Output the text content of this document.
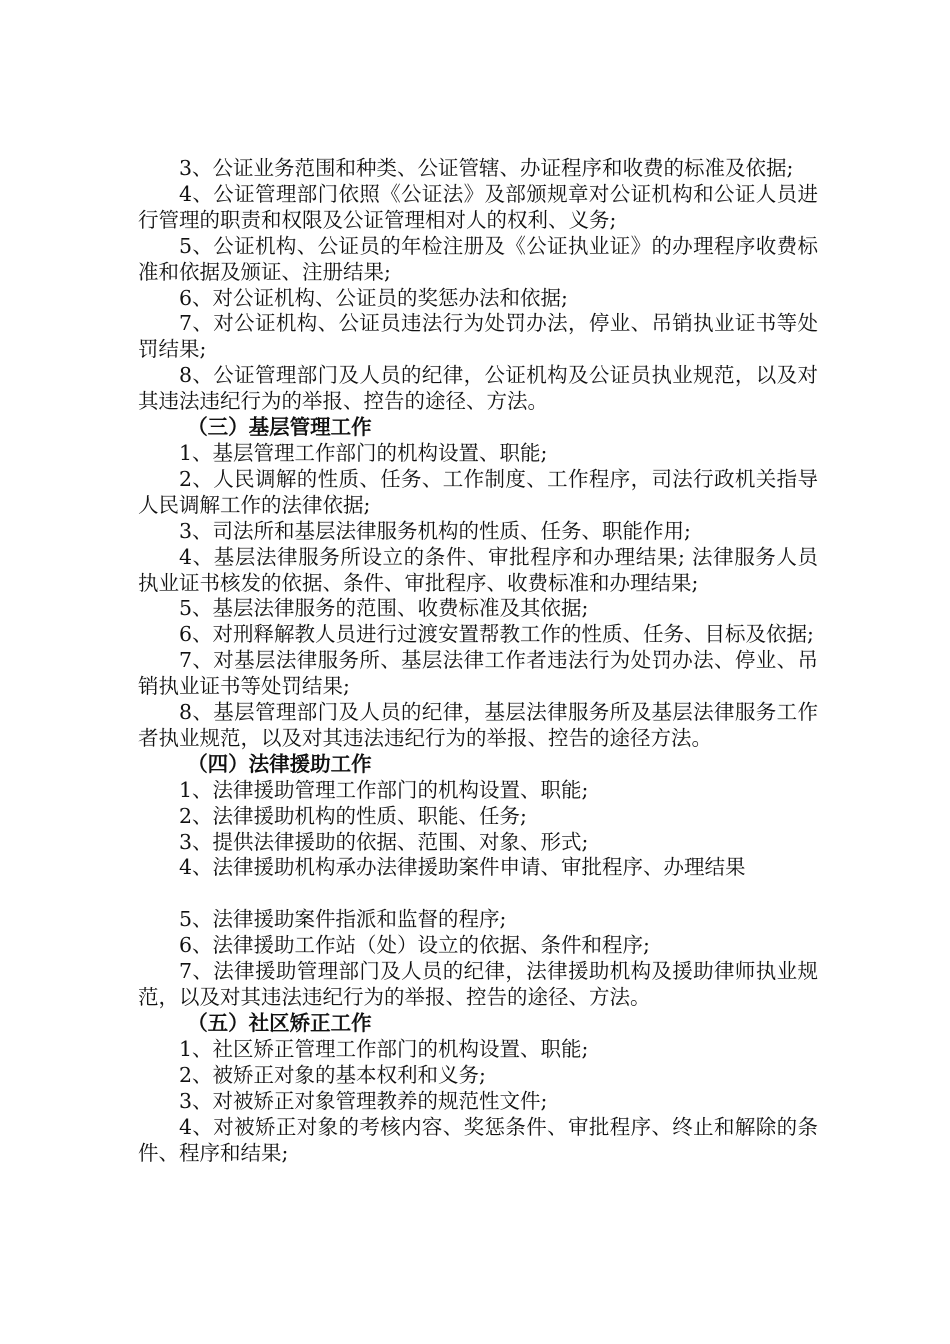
3、公证业务范围和种类、公证管辖、办证程序和收费的标准及依据;

4、公证管理部门依照《公证法》及部颁规章对公证机构和公证人员进行管理的职责和权限及公证管理相对人的权利、义务;

5、公证机构、公证员的年检注册及《公证执业证》的办理程序收费标准和依据及颁证、注册结果;

6、对公证机构、公证员的奖惩办法和依据;

7、对公证机构、公证员违法行为处罚办法，停业、吊销执业证书等处罚结果;

8、公证管理部门及人员的纪律，公证机构及公证员执业规范，以及对其违法违纪行为的举报、控告的途径、方法。

（三）基层管理工作

1、基层管理工作部门的机构设置、职能;

2、人民调解的性质、任务、工作制度、工作程序，司法行政机关指导人民调解工作的法律依据;

3、司法所和基层法律服务机构的性质、任务、职能作用;

4、基层法律服务所设立的条件、审批程序和办理结果; 法律服务人员执业证书核发的依据、条件、审批程序、收费标准和办理结果;

5、基层法律服务的范围、收费标准及其依据;

6、对刑释解教人员进行过渡安置帮教工作的性质、任务、目标及依据;

7、对基层法律服务所、基层法律工作者违法行为处罚办法、停业、吊销执业证书等处罚结果;

8、基层管理部门及人员的纪律，基层法律服务所及基层法律服务工作者执业规范，以及对其违法违纪行为的举报、控告的途径方法。

（四）法律援助工作

1、法律援助管理工作部门的机构设置、职能;

2、法律援助机构的性质、职能、任务;

3、提供法律援助的依据、范围、对象、形式;

4、法律援助机构承办法律援助案件申请、审批程序、办理结果

5、法律援助案件指派和监督的程序;

6、法律援助工作站（处）设立的依据、条件和程序;

7、法律援助管理部门及人员的纪律，法律援助机构及援助律师执业规范，以及对其违法违纪行为的举报、控告的途径、方法。

（五）社区矫正工作

1、社区矫正管理工作部门的机构设置、职能;

2、被矫正对象的基本权利和义务;

3、对被矫正对象管理教养的规范性文件;

4、对被矫正对象的考核内容、奖惩条件、审批程序、终止和解除的条件、程序和结果;
